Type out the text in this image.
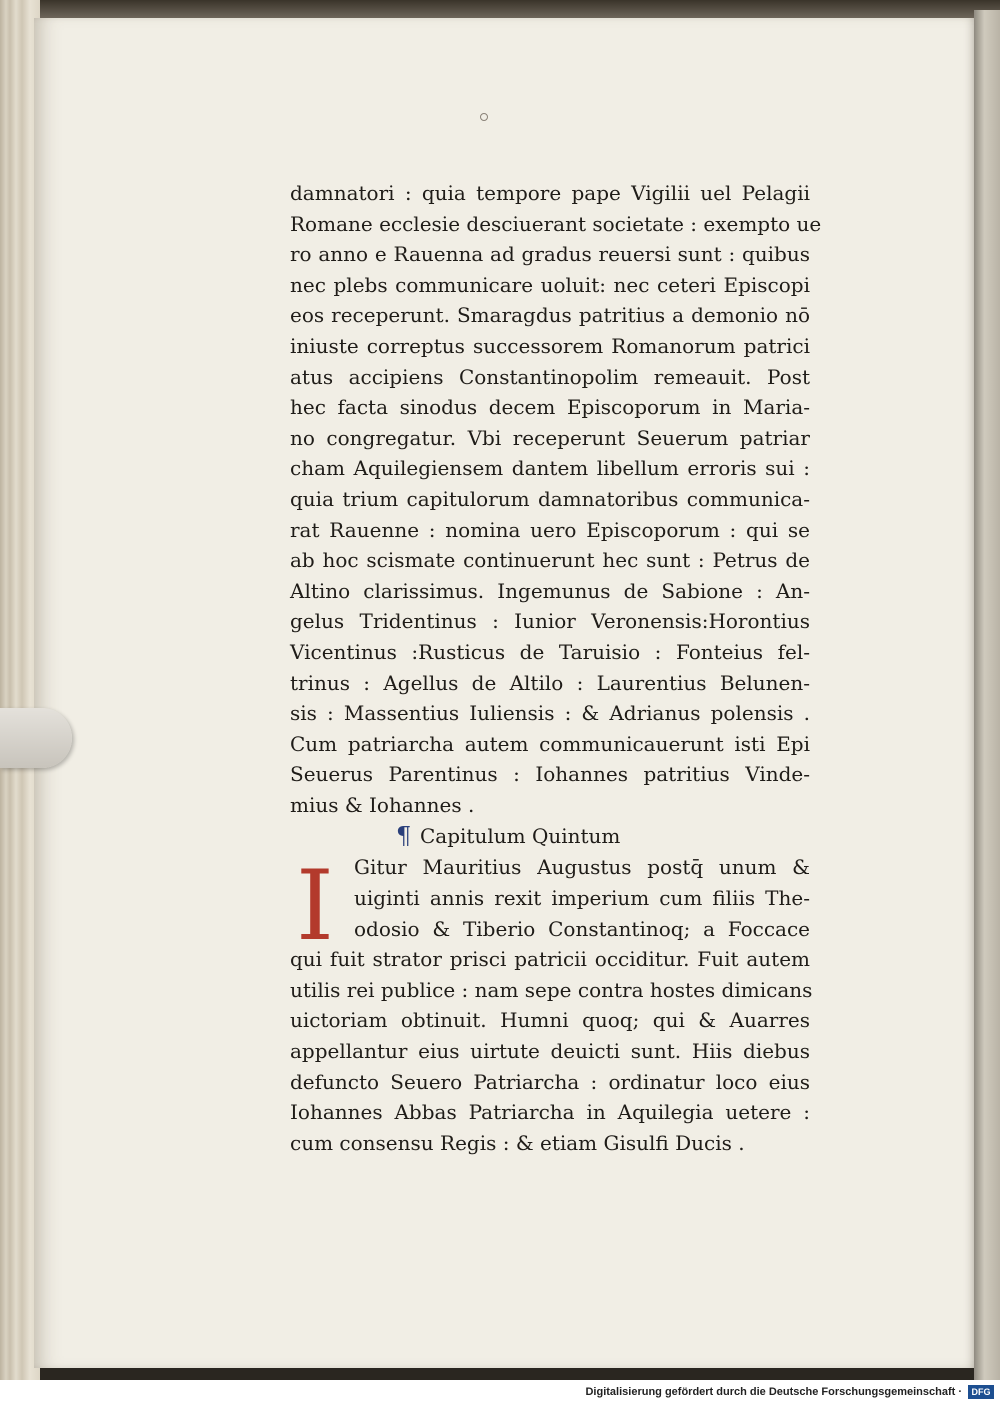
damnatori : quia tempore pape Vigilii uel Pelagii
Romane ecclesie desciuerant societate : exempto ue
ro anno e Rauenna ad gradus reuersi sunt : quibus
nec plebs communicare uoluit: nec ceteri Episcopi
eos receperunt. Smaragdus patritius a demonio nō
iniuste correptus successorem Romanorum patrici
atus accipiens Constantinopolim remeauit. Post
hec facta sinodus decem Episcoporum in Maria-
no congregatur. Vbi receperunt Seuerum patriar
cham Aquilegiensem dantem libellum erroris sui :
quia trium capitulorum damnatoribus communica-
rat Rauenne : nomina uero Episcoporum : qui se
ab hoc scismate continuerunt hec sunt : Petrus de
Altino clarissimus. Ingemunus de Sabione : An-
gelus Tridentinus : Iunior Veronensis:Horontius
Vicentinus :Rusticus de Taruisio : Fonteius fel-
trinus : Agellus de Altilo : Laurentius Belunen-
sis : Massentius Iuliensis : & Adrianus polensis .
Cum patriarcha autem communicauerunt isti Epi
Seuerus Parentinus : Iohannes patritius Vinde-
mius & Iohannes .
¶ Capitulum Quintum
I	Gitur Mauritius Augustus postq̄ unum &
uiginti annis rexit imperium cum filiis The-
odosio & Tiberio Constantinoq; a Foccace
qui fuit strator prisci patricii occiditur. Fuit autem
utilis rei publice : nam sepe contra hostes dimicans
uictoriam obtinuit. Humni quoq; qui & Auarres
appellantur eius uirtute deuicti sunt. Hiis diebus
defuncto Seuero Patriarcha : ordinatur loco eius
Iohannes Abbas Patriarcha in Aquilegia uetere :
cum consensu Regis : & etiam Gisulfi Ducis .
Digitalisierung gefördert durch die Deutsche Forschungsgemeinschaft ·	DFG
